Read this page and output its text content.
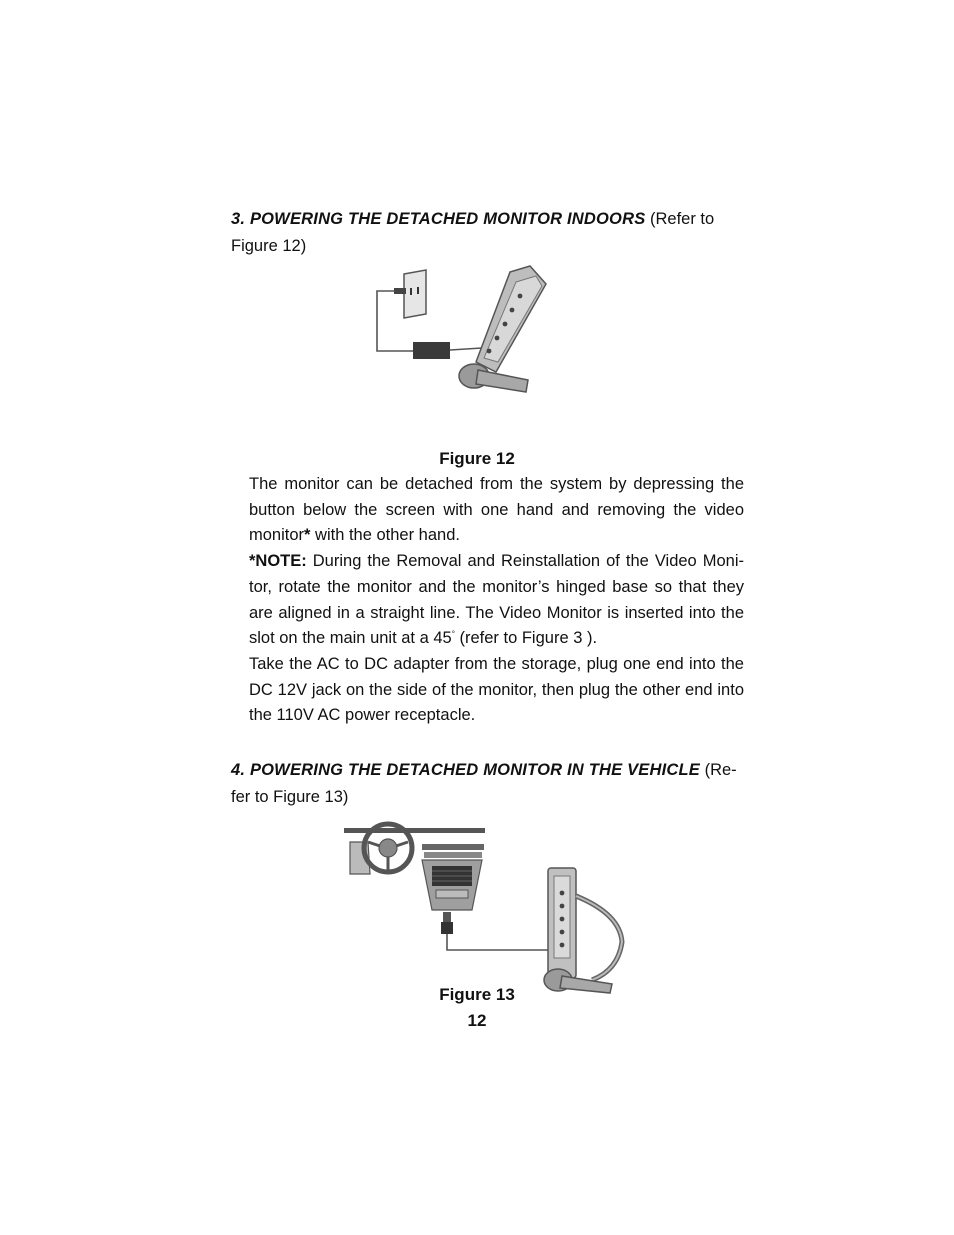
3. POWERING THE DETACHED MONITOR INDOORS (Refer to
Figure 12)
Figure 12

The monitor can be detached from the system by depressing the button below the screen with one hand and removing the video monitor* with the other hand.

*NOTE: During the Removal and Reinstallation of the Video Moni-tor, rotate the monitor and the monitor’s hinged base so that they are aligned in a straight line. The Video Monitor is inserted into the slot on the main unit at a 45° (refer to Figure 3 ).

Take the AC to DC adapter from the storage, plug one end into the DC 12V jack on the side of the monitor, then plug the other end into the 110V AC power receptacle.

4. POWERING THE DETACHED MONITOR IN THE VEHICLE (Re-
fer to Figure 13)
Figure 13
12
